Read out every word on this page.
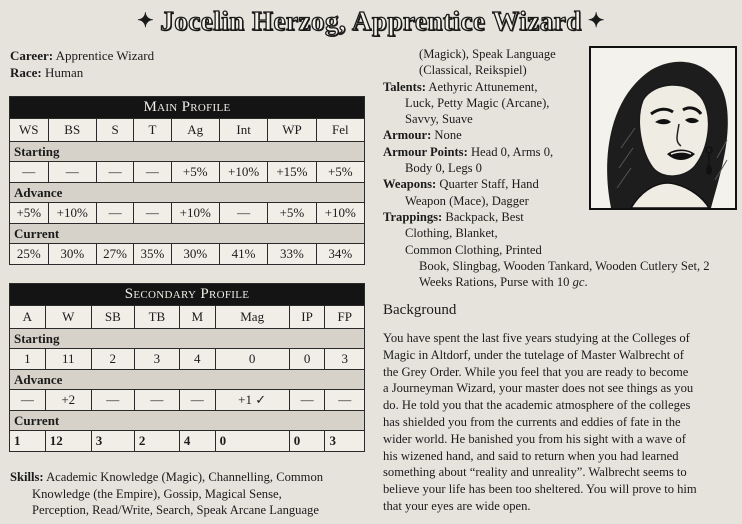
✦ Jocelin Herzog, Apprentice Wizard ✦
Career: Apprentice Wizard
Race: Human
Main Profile							
WS	BS	S	T	Ag	Int	WP	Fel
Starting							
—	—	—	—	+5%	+10%	+15%	+5%
Advance							
+5%	+10%	—	—	+10%	—	+5%	+10%
Current							
25%	30%	27%	35%	30%	41%	33%	34%
Secondary Profile							
A	W	SB	TB	M	Mag	IP	FP
Starting							
1	11	2	3	4	0	0	3
Advance							
—	+2	—	—	—	+1 ✓	—	—
Current							
1	12	3	2	4	0	0	3
Skills: Academic Knowledge (Magic), Channelling, Common
Knowledge (the Empire), Gossip, Magical Sense,
Perception, Read/Write, Search, Speak Arcane Language
(Magick), Speak Language
(Classical, Reikspiel)
Talents: Aethyric Attunement,
Luck, Petty Magic (Arcane),
Savvy, Suave
Armour: None
Armour Points: Head 0, Arms 0,
Body 0, Legs 0
Weapons: Quarter Staff, Hand
Weapon (Mace), Dagger
Trappings: Backpack, Best
Clothing, Blanket,
Common Clothing, Printed
Book, Slingbag, Wooden Tankard, Wooden Cutlery Set, 2
Weeks Rations, Purse with 10 gc.
Background
You have spent the last five years studying at the Colleges of
Magic in Altdorf, under the tutelage of Master Walbrecht of
the Grey Order. While you feel that you are ready to become
a Journeyman Wizard, your master does not see things as you
do. He told you that the academic atmosphere of the colleges
has shielded you from the currents and eddies of fate in the
wider world. He banished you from his sight with a wave of
his wizened hand, and said to return when you had learned
something about “reality and unreality”. Walbrecht seems to
believe your life has been too sheltered. You will prove to him
that your eyes are wide open.
